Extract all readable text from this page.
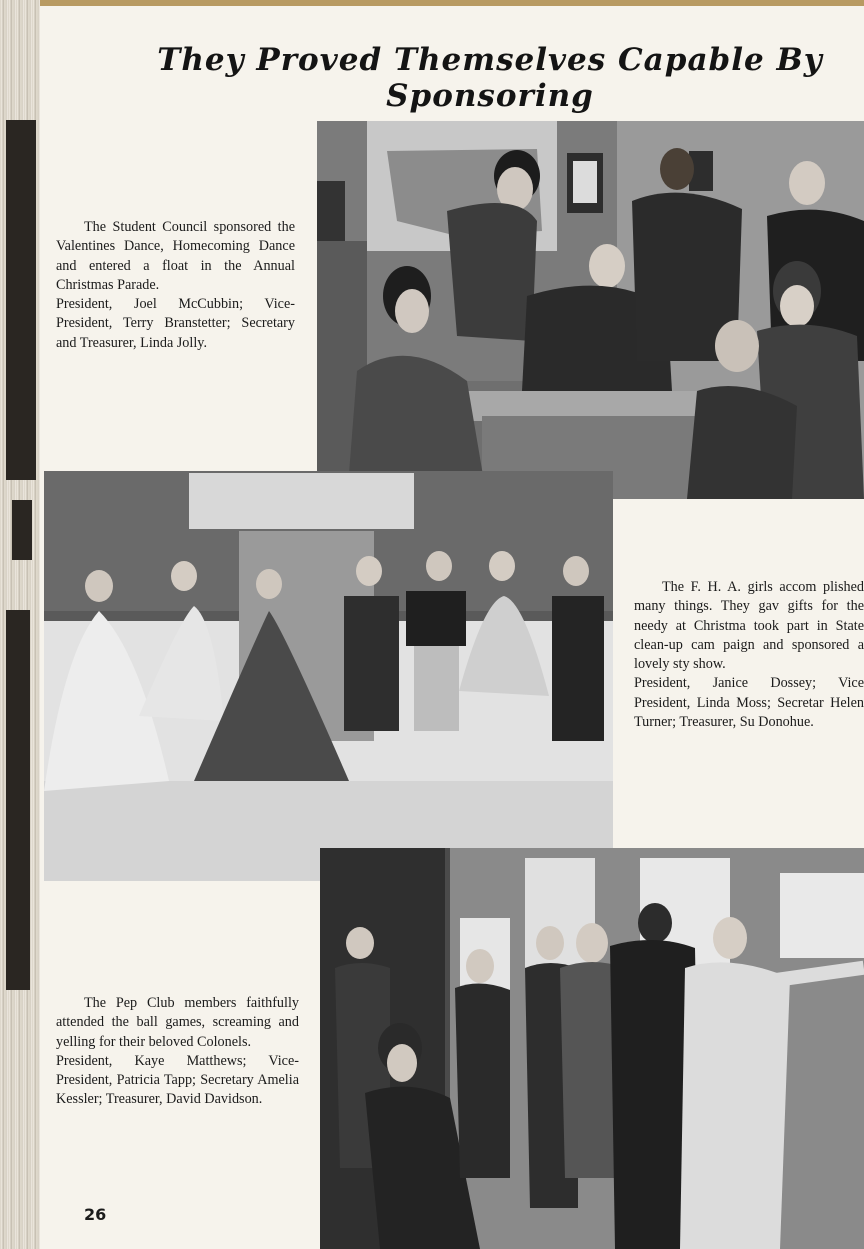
They Proved Themselves Capable By Sponsoring

The Student Council sponsored the Valentines Dance, Homecoming Dance and entered a float in the Annual Christmas Parade.

President, Joel McCubbin; Vice-President, Terry Branstetter; Secretary and Treasurer, Linda Jolly.

The F. H. A. girls accom plished many things. They gav gifts for the needy at Christma took part in State clean-up cam paign and sponsored a lovely sty show.

President, Janice Dossey; Vice President, Linda Moss; Secretar Helen Turner; Treasurer, Su Donohue.

The Pep Club members faithfully attended the ball games, screaming and yelling for their beloved Colonels.

President, Kaye Matthews; Vice-President, Patricia Tapp; Secretary Amelia Kessler; Treasurer, David Davidson.

26
